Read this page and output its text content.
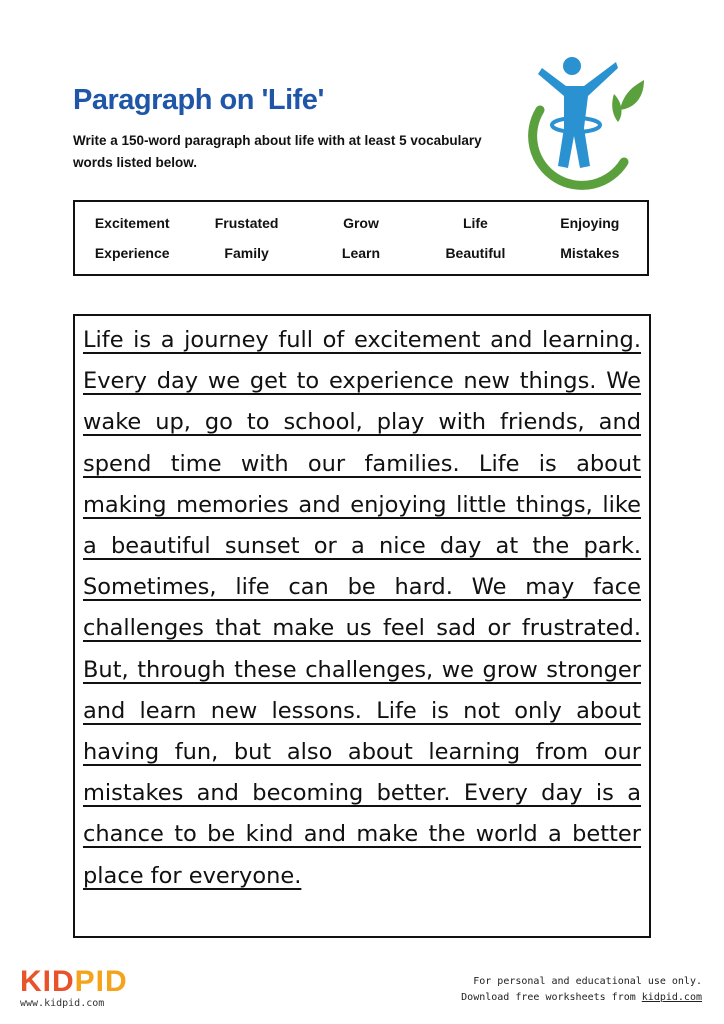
Paragraph on 'Life'
Write a 150-word paragraph about life with at least 5 vocabulary words listed below.
Excitement	Frustated	Grow	Life	Enjoying
Experience	Family	Learn	Beautiful	Mistakes

Life is a journey full of excitement and learning. Every day we get to experience new things. We wake up, go to school, play with friends, and spend time with our families. Life is about making memories and enjoying little things, like a beautiful sunset or a nice day at the park. Sometimes, life can be hard. We may face challenges that make us feel sad or frustrated. But, through these challenges, we grow stronger and learn new lessons. Life is not only about having fun, but also about learning from our mistakes and becoming better. Every day is a chance to be kind and make the world a better place for everyone.

KIDPID
www.kidpid.com
For personal and educational use only.
Download free worksheets from kidpid.com
